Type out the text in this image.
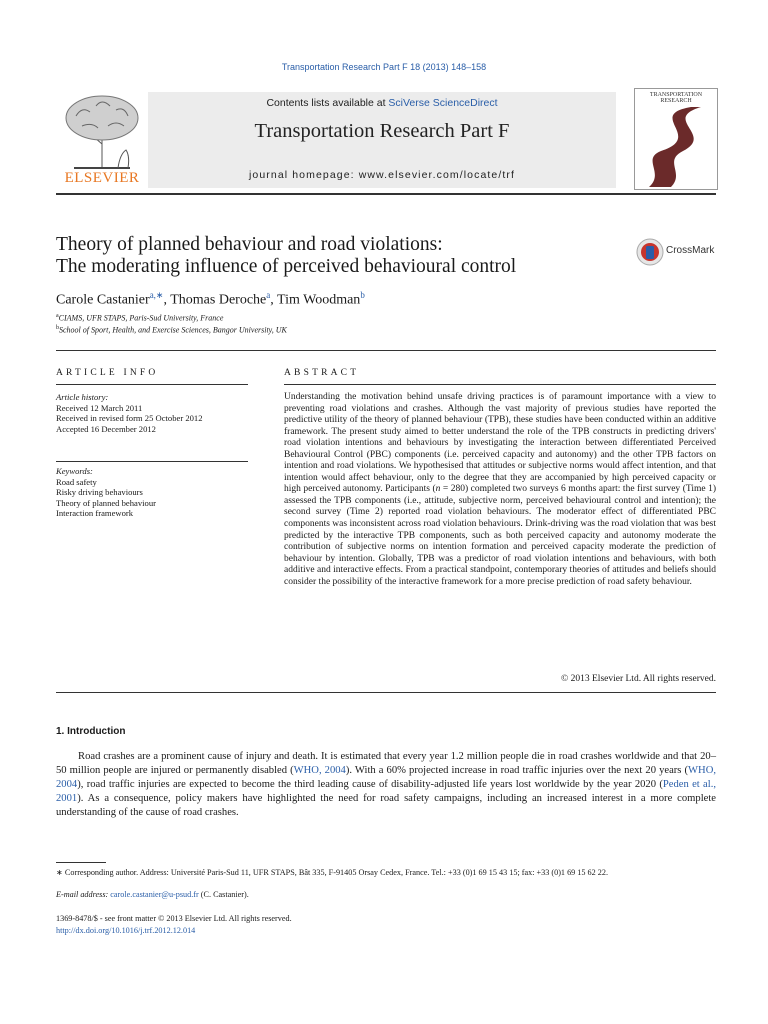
Transportation Research Part F 18 (2013) 148–158
ELSEVIER
Contents lists available at SciVerse ScienceDirect
Transportation Research Part F
journal homepage: www.elsevier.com/locate/trf
TRANSPORTATION RESEARCH
Theory of planned behaviour and road violations:
The moderating influence of perceived behavioural control
CrossMark
Carole Castanier$^{a,∗}$, Thomas Deroche$^a$, Tim Woodman$^b$
$^a$CIAMS, UFR STAPS, Paris-Sud University, France
$^b$School of Sport, Health, and Exercise Sciences, Bangor University, UK
ARTICLE INFO
Article history:
Received 12 March 2011
Received in revised form 25 October 2012
Accepted 16 December 2012
Keywords:
Road safety
Risky driving behaviours
Theory of planned behaviour
Interaction framework
ABSTRACT
Understanding the motivation behind unsafe driving practices is of paramount importance with a view to preventing road violations and crashes. Although the vast majority of previous studies have reported the predictive utility of the theory of planned behaviour (TPB), these studies have been conducted within an additive framework. The present study aimed to better understand the role of the TPB constructs in predicting drivers' road violation intentions and behaviours by investigating the interaction between differentiated Perceived Behavioural Control (PBC) components (i.e. perceived capacity and autonomy) and the other TPB factors on intention and road violations. We hypothesised that attitudes or subjective norms would affect intention, and that intention would affect behaviour, only to the degree that they are accompanied by high perceived capacity or high perceived autonomy. Participants (n = 280) completed two surveys 6 months apart: the first survey (Time 1) assessed the TPB components (i.e., attitude, subjective norm, perceived behavioural control and intention); the second survey (Time 2) reported road violation behaviours. The moderator effect of differentiated PBC components was inconsistent across road violation behaviours. Drink-driving was the road violation that was best predicted by the interactive TPB components, such as both perceived capacity and autonomy moderate the contribution of subjective norms on intention formation and perceived capacity moderate the prediction of behaviour by intention. Globally, TPB was a predictor of road violation intentions and behaviours, with both additive and interactive effects. From a practical standpoint, contemporary theories of attitudes and beliefs should consider the possibility of the interactive framework for a more precise prediction of road safety behaviour.
© 2013 Elsevier Ltd. All rights reserved.
1. Introduction
Road crashes are a prominent cause of injury and death. It is estimated that every year 1.2 million people die in road crashes worldwide and that 20–50 million people are injured or permanently disabled (WHO, 2004). With a 60% projected increase in road traffic injuries over the next 20 years (WHO, 2004), road traffic injuries are expected to become the third leading cause of disability-adjusted life years lost worldwide by the year 2020 (Peden et al., 2001). As a consequence, policy makers have highlighted the need for road safety campaigns, including an increased interest in a more complete understanding of the cause of road crashes.
∗ Corresponding author. Address: Université Paris-Sud 11, UFR STAPS, Bât 335, F-91405 Orsay Cedex, France. Tel.: +33 (0)1 69 15 43 15; fax: +33 (0)1 69 15 62 22.
E-mail address: carole.castanier@u-psud.fr (C. Castanier).
1369-8478/$ - see front matter © 2013 Elsevier Ltd. All rights reserved.
http://dx.doi.org/10.1016/j.trf.2012.12.014
